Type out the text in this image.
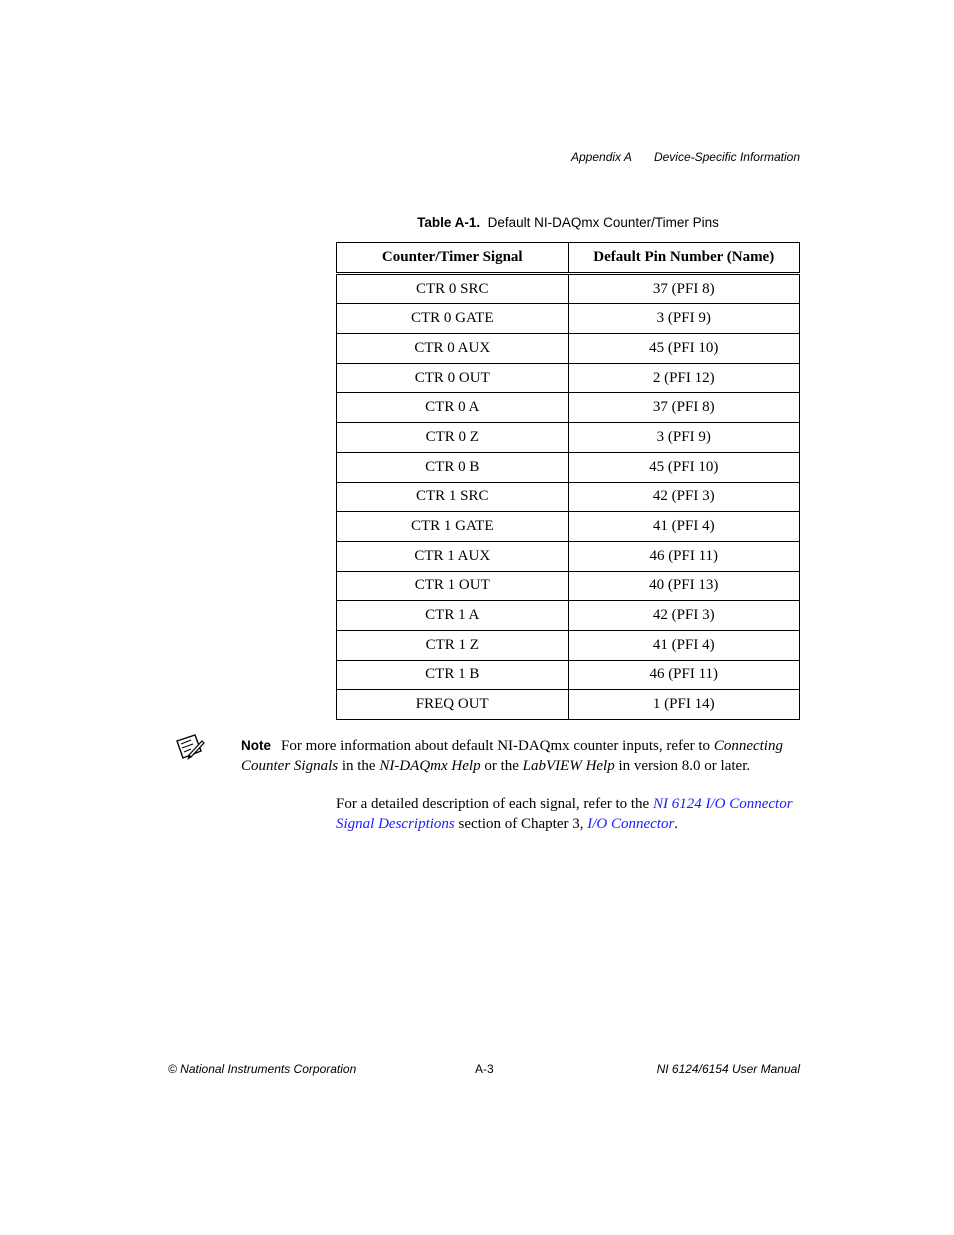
Appendix A Device-Specific Information
Table A-1. Default NI-DAQmx Counter/Timer Pins
Counter/Timer Signal	Default Pin Number (Name)
CTR 0 SRC	37 (PFI 8)
CTR 0 GATE	3 (PFI 9)
CTR 0 AUX	45 (PFI 10)
CTR 0 OUT	2 (PFI 12)
CTR 0 A	37 (PFI 8)
CTR 0 Z	3 (PFI 9)
CTR 0 B	45 (PFI 10)
CTR 1 SRC	42 (PFI 3)
CTR 1 GATE	41 (PFI 4)
CTR 1 AUX	46 (PFI 11)
CTR 1 OUT	40 (PFI 13)
CTR 1 A	42 (PFI 3)
CTR 1 Z	41 (PFI 4)
CTR 1 B	46 (PFI 11)
FREQ OUT	1 (PFI 14)
Note For more information about default NI-DAQmx counter inputs, refer to Connecting Counter Signals in the NI-DAQmx Help or the LabVIEW Help in version 8.0 or later.
For a detailed description of each signal, refer to the NI 6124 I/O Connector Signal Descriptions section of Chapter 3, I/O Connector.
© National Instruments Corporation	A-3	NI 6124/6154 User Manual
